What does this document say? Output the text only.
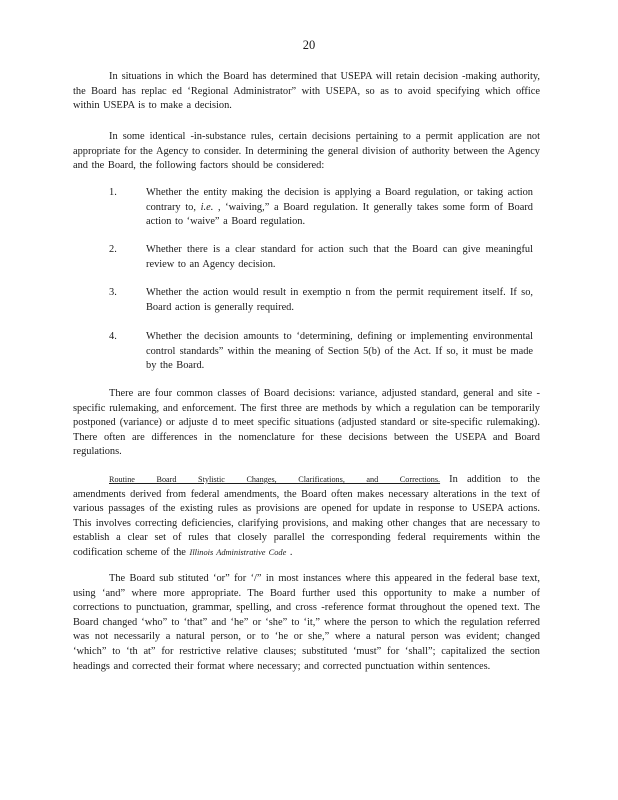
20

In situations in which the Board has determined that USEPA will retain decision -making authority, the Board has replac ed ‘Regional Administrator” with USEPA, so as to avoid specifying which office within USEPA is to make a decision.

In some identical -in-substance rules, certain decisions pertaining to a permit application are not appropriate for the Agency to consider. In determining the general division of authority between the Agency and the Board, the following factors should be considered:

1.	Whether the entity making the decision is applying a Board regulation, or taking action contrary to, i.e. , ‘waiving,” a Board regulation. It generally takes some form of Board action to ‘waive” a Board regulation.
2.	Whether there is a clear standard for action such that the Board can give meaningful review to an Agency decision.
3.	Whether the action would result in exemptio n from the permit requirement itself. If so, Board action is generally required.
4.	Whether the decision amounts to ‘determining, defining or implementing environmental control standards” within the meaning of Section 5(b) of the Act. If so, it must be made by the Board.

There are four common classes of Board decisions: variance, adjusted standard, general and site - specific rulemaking, and enforcement. The first three are methods by which a regulation can be temporarily postponed (variance) or adjuste d to meet specific situations (adjusted standard or site-specific rulemaking). There often are differences in the nomenclature for these decisions between the USEPA and Board regulations.

Routine Board Stylistic Changes, Clarifications, and Corrections. In addition to the amendments derived from federal amendments, the Board often makes necessary alterations in the text of various passages of the existing rules as provisions are opened for update in response to USEPA actions. This involves correcting deficiencies, clarifying provisions, and making other changes that are necessary to establish a clear set of rules that closely parallel the corresponding federal requirements within the codification scheme of the Illinois Administrative Code .

The Board sub stituted ‘or” for ‘/” in most instances where this appeared in the federal base text, using ‘and” where more appropriate. The Board further used this opportunity to make a number of corrections to punctuation, grammar, spelling, and cross -reference format throughout the opened text. The Board changed ‘who” to ‘that” and ‘he” or ‘she” to ‘it,” where the person to which the regulation referred was not necessarily a natural person, or to ‘he or she,” where a natural person was evident; changed ‘which” to ‘th at” for restrictive relative clauses; substituted ‘must” for ‘shall”; capitalized the section headings and corrected their format where necessary; and corrected punctuation within sentences.
